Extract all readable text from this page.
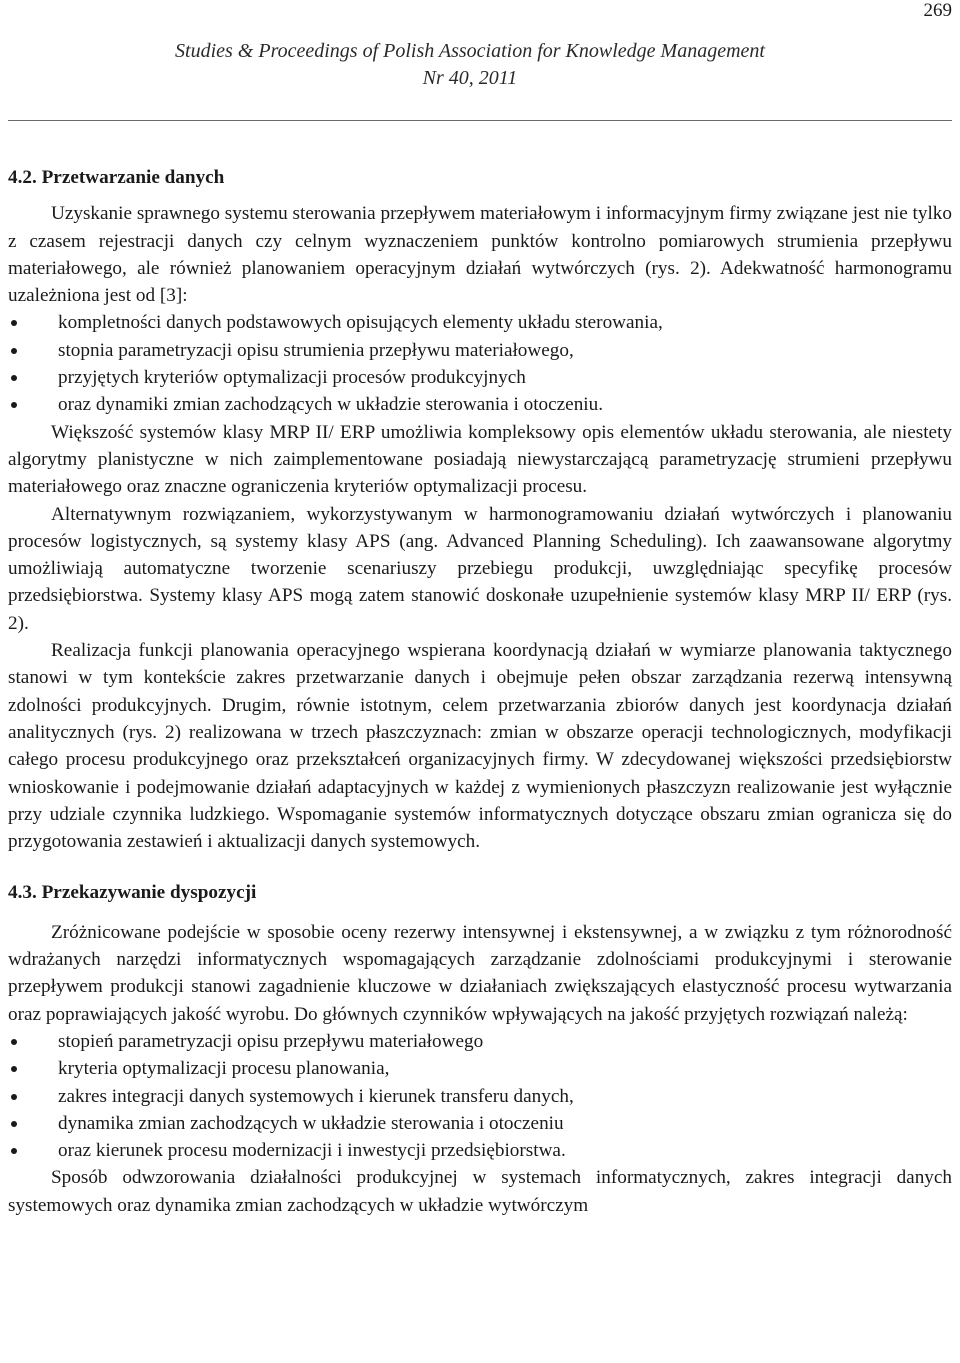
269
Studies & Proceedings of Polish Association for Knowledge Management
Nr 40, 2011
4.2. Przetwarzanie danych

Uzyskanie sprawnego systemu sterowania przepływem materiałowym i informacyjnym firmy związane jest nie tylko z czasem rejestracji danych czy celnym wyznaczeniem punktów kontrolno pomiarowych strumienia przepływu materiałowego, ale również planowaniem operacyjnym działań wytwórczych (rys. 2). Adekwatność harmonogramu uzależniona jest od [3]:

kompletności danych podstawowych opisujących elementy układu sterowania,
stopnia parametryzacji opisu strumienia przepływu materiałowego,
przyjętych kryteriów optymalizacji procesów produkcyjnych
oraz dynamiki zmian zachodzących w układzie sterowania i otoczeniu.

Większość systemów klasy MRP II/ ERP umożliwia kompleksowy opis elementów układu sterowania, ale niestety algorytmy planistyczne w nich zaimplementowane posiadają niewystarczającą parametryzację strumieni przepływu materiałowego oraz znaczne ograniczenia kryteriów optymalizacji procesu.

Alternatywnym rozwiązaniem, wykorzystywanym w harmonogramowaniu działań wytwórczych i planowaniu procesów logistycznych, są systemy klasy APS (ang. Advanced Planning Scheduling). Ich zaawansowane algorytmy umożliwiają automatyczne tworzenie scenariuszy przebiegu produkcji, uwzględniając specyfikę procesów przedsiębiorstwa. Systemy klasy APS mogą zatem stanowić doskonałe uzupełnienie systemów klasy MRP II/ ERP (rys. 2).

Realizacja funkcji planowania operacyjnego wspierana koordynacją działań w wymiarze planowania taktycznego stanowi w tym kontekście zakres przetwarzanie danych i obejmuje pełen obszar zarządzania rezerwą intensywną zdolności produkcyjnych. Drugim, równie istotnym, celem przetwarzania zbiorów danych jest koordynacja działań analitycznych (rys. 2) realizowana w trzech płaszczyznach: zmian w obszarze operacji technologicznych, modyfikacji całego procesu produkcyjnego oraz przekształceń organizacyjnych firmy. W zdecydowanej większości przedsiębiorstw wnioskowanie i podejmowanie działań adaptacyjnych w każdej z wymienionych płaszczyzn realizowanie jest wyłącznie przy udziale czynnika ludzkiego. Wspomaganie systemów informatycznych dotyczące obszaru zmian ogranicza się do przygotowania zestawień i aktualizacji danych systemowych.

4.3. Przekazywanie dyspozycji

Zróżnicowane podejście w sposobie oceny rezerwy intensywnej i ekstensywnej, a w związku z tym różnorodność wdrażanych narzędzi informatycznych wspomagających zarządzanie zdolnościami produkcyjnymi i sterowanie przepływem produkcji stanowi zagadnienie kluczowe w działaniach zwiększających elastyczność procesu wytwarzania oraz poprawiających jakość wyrobu. Do głównych czynników wpływających na jakość przyjętych rozwiązań należą:

stopień parametryzacji opisu przepływu materiałowego
kryteria optymalizacji procesu planowania,
zakres integracji danych systemowych i kierunek transferu danych,
dynamika zmian zachodzących w układzie sterowania i otoczeniu
oraz kierunek procesu modernizacji i inwestycji przedsiębiorstwa.

Sposób odwzorowania działalności produkcyjnej w systemach informatycznych, zakres integracji danych systemowych oraz dynamika zmian zachodzących w układzie wytwórczym
